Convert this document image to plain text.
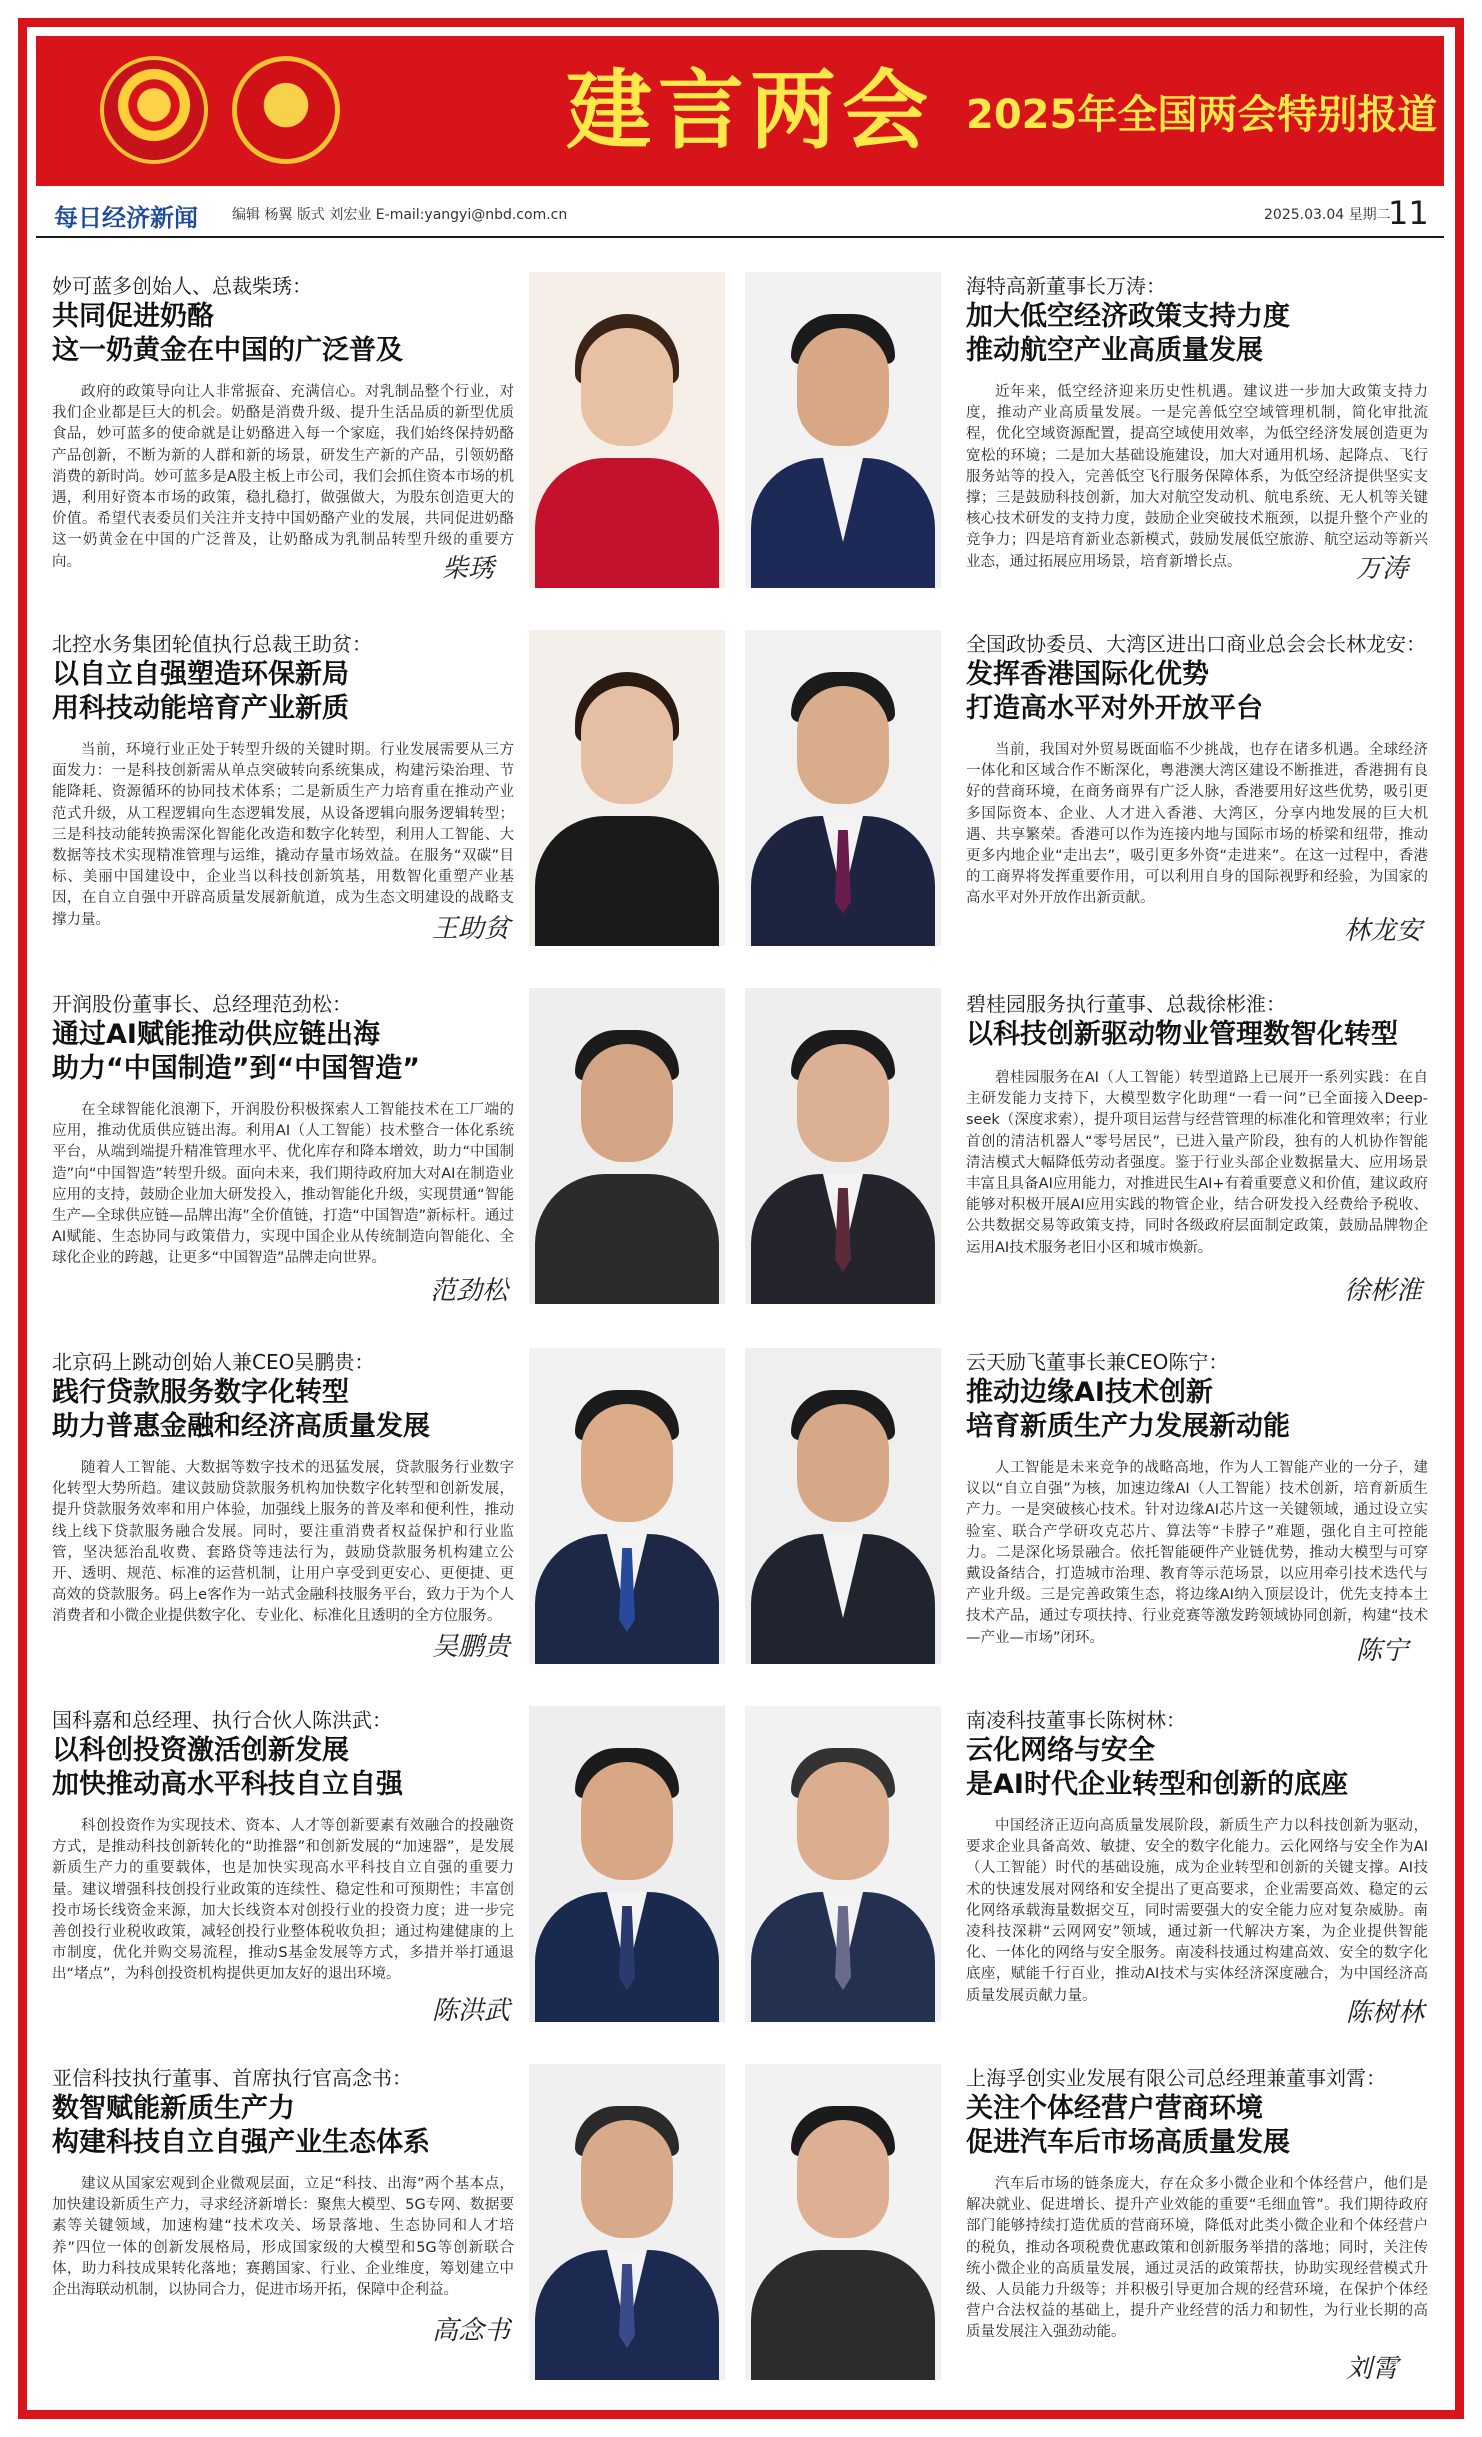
建言两会 2025年全国两会特别报道
每日经济新闻 编辑 杨翼 版式 刘宏业 E-mail:yangyi@nbd.com.cn	2025.03.04 星期二
11
妙可蓝多创始人、总裁柴琇：
共同促进奶酪
这一奶黄金在中国的广泛普及
政府的政策导向让人非常振奋、充满信心。对乳制品整个行业，对我们企业都是巨大的机会。奶酪是消费升级、提升生活品质的新型优质食品，妙可蓝多的使命就是让奶酪进入每一个家庭，我们始终保持奶酪产品创新，不断为新的人群和新的场景，研发生产新的产品，引领奶酪消费的新时尚。妙可蓝多是A股主板上市公司，我们会抓住资本市场的机遇，利用好资本市场的政策，稳扎稳打，做强做大，为股东创造更大的价值。希望代表委员们关注并支持中国奶酪产业的发展，共同促进奶酪这一奶黄金在中国的广泛普及，让奶酪成为乳制品转型升级的重要方向。	柴琇
海特高新董事长万涛：
加大低空经济政策支持力度
推动航空产业高质量发展
近年来，低空经济迎来历史性机遇。建议进一步加大政策支持力度，推动产业高质量发展。一是完善低空空域管理机制，简化审批流程，优化空域资源配置，提高空域使用效率，为低空经济发展创造更为宽松的环境；二是加大基础设施建设，加大对通用机场、起降点、飞行服务站等的投入，完善低空飞行服务保障体系，为低空经济提供坚实支撑；三是鼓励科技创新，加大对航空发动机、航电系统、无人机等关键核心技术研发的支持力度，鼓励企业突破技术瓶颈，以提升整个产业的竞争力；四是培育新业态新模式，鼓励发展低空旅游、航空运动等新兴业态，通过拓展应用场景，培育新增长点。	万涛
北控水务集团轮值执行总裁王助贫：
以自立自强塑造环保新局
用科技动能培育产业新质
当前，环境行业正处于转型升级的关键时期。行业发展需要从三方面发力：一是科技创新需从单点突破转向系统集成，构建污染治理、节能降耗、资源循环的协同技术体系；二是新质生产力培育重在推动产业范式升级，从工程逻辑向生态逻辑发展，从设备逻辑向服务逻辑转型；三是科技动能转换需深化智能化改造和数字化转型，利用人工智能、大数据等技术实现精准管理与运维，撬动存量市场效益。在服务“双碳”目标、美丽中国建设中，企业当以科技创新筑基，用数智化重塑产业基因，在自立自强中开辟高质量发展新航道，成为生态文明建设的战略支撑力量。	王助贫
全国政协委员、大湾区进出口商业总会会长林龙安：
发挥香港国际化优势
打造高水平对外开放平台
当前，我国对外贸易既面临不少挑战，也存在诸多机遇。全球经济一体化和区域合作不断深化，粤港澳大湾区建设不断推进，香港拥有良好的营商环境，在商务商界有广泛人脉，香港要用好这些优势，吸引更多国际资本、企业、人才进入香港、大湾区，分享内地发展的巨大机遇、共享繁荣。香港可以作为连接内地与国际市场的桥梁和纽带，推动更多内地企业“走出去”，吸引更多外资“走进来”。在这一过程中，香港的工商界将发挥重要作用，可以利用自身的国际视野和经验，为国家的高水平对外开放作出新贡献。
林龙安
开润股份董事长、总经理范劲松：
通过AI赋能推动供应链出海
助力“中国制造”到“中国智造”
在全球智能化浪潮下，开润股份积极探索人工智能技术在工厂端的应用，推动优质供应链出海。利用AI（人工智能）技术整合一体化系统平台，从端到端提升精准管理水平、优化库存和降本增效，助力“中国制造”向“中国智造”转型升级。面向未来，我们期待政府加大对AI在制造业应用的支持，鼓励企业加大研发投入，推动智能化升级，实现贯通“智能生产—全球供应链—品牌出海”全价值链，打造“中国智造”新标杆。通过AI赋能、生态协同与政策借力，实现中国企业从传统制造向智能化、全球化企业的跨越，让更多“中国智造”品牌走向世界。
范劲松
碧桂园服务执行董事、总裁徐彬淮：
以科技创新驱动物业管理数智化转型
碧桂园服务在AI（人工智能）转型道路上已展开一系列实践：在自主研发能力支持下，大模型数字化助理“一看一问”已全面接入Deep-seek（深度求索），提升项目运营与经营管理的标准化和管理效率；行业首创的清洁机器人“零号居民”，已进入量产阶段，独有的人机协作智能清洁模式大幅降低劳动者强度。鉴于行业头部企业数据量大、应用场景丰富且具备AI应用能力，对推进民生AI+有着重要意义和价值，建议政府能够对积极开展AI应用实践的物管企业，结合研发投入经费给予税收、公共数据交易等政策支持，同时各级政府层面制定政策，鼓励品牌物企运用AI技术服务老旧小区和城市焕新。
徐彬淮
北京码上跳动创始人兼CEO吴鹏贵：
践行贷款服务数字化转型
助力普惠金融和经济高质量发展
随着人工智能、大数据等数字技术的迅猛发展，贷款服务行业数字化转型大势所趋。建议鼓励贷款服务机构加快数字化转型和创新发展，提升贷款服务效率和用户体验，加强线上服务的普及率和便利性，推动线上线下贷款服务融合发展。同时，要注重消费者权益保护和行业监管，坚决惩治乱收费、套路贷等违法行为，鼓励贷款服务机构建立公开、透明、规范、标准的运营机制，让用户享受到更安心、更便捷、更高效的贷款服务。码上e客作为一站式金融科技服务平台，致力于为个人消费者和小微企业提供数字化、专业化、标准化且透明的全方位服务。
吴鹏贵
云天励飞董事长兼CEO陈宁：
推动边缘AI技术创新
培育新质生产力发展新动能
人工智能是未来竞争的战略高地，作为人工智能产业的一分子，建议以“自立自强”为核，加速边缘AI（人工智能）技术创新，培育新质生产力。一是突破核心技术。针对边缘AI芯片这一关键领域，通过设立实验室、联合产学研攻克芯片、算法等“卡脖子”难题，强化自主可控能力。二是深化场景融合。依托智能硬件产业链优势，推动大模型与可穿戴设备结合，打造城市治理、教育等示范场景，以应用牵引技术迭代与产业升级。三是完善政策生态，将边缘AI纳入顶层设计，优先支持本土技术产品，通过专项扶持、行业竞赛等激发跨领域协同创新，构建“技术—产业—市场”闭环。	陈宁
国科嘉和总经理、执行合伙人陈洪武：
以科创投资激活创新发展
加快推动高水平科技自立自强
科创投资作为实现技术、资本、人才等创新要素有效融合的投融资方式，是推动科技创新转化的“助推器”和创新发展的“加速器”，是发展新质生产力的重要载体，也是加快实现高水平科技自立自强的重要力量。建议增强科技创投行业政策的连续性、稳定性和可预期性；丰富创投市场长线资金来源，加大长线资本对创投行业的投资力度；进一步完善创投行业税收政策，减轻创投行业整体税收负担；通过构建健康的上市制度，优化并购交易流程，推动S基金发展等方式，多措并举打通退出“堵点”，为科创投资机构提供更加友好的退出环境。
陈洪武
南凌科技董事长陈树林：
云化网络与安全
是AI时代企业转型和创新的底座
中国经济正迈向高质量发展阶段，新质生产力以科技创新为驱动，要求企业具备高效、敏捷、安全的数字化能力。云化网络与安全作为AI（人工智能）时代的基础设施，成为企业转型和创新的关键支撑。AI技术的快速发展对网络和安全提出了更高要求，企业需要高效、稳定的云化网络承载海量数据交互，同时需要强大的安全能力应对复杂威胁。南凌科技深耕“云网网安”领域，通过新一代解决方案，为企业提供智能化、一体化的网络与安全服务。南凌科技通过构建高效、安全的数字化底座，赋能千行百业，推动AI技术与实体经济深度融合，为中国经济高质量发展贡献力量。
陈树林
亚信科技执行董事、首席执行官高念书：
数智赋能新质生产力
构建科技自立自强产业生态体系
建议从国家宏观到企业微观层面，立足“科技、出海”两个基本点，加快建设新质生产力，寻求经济新增长：聚焦大模型、5G专网、数据要素等关键领域，加速构建“技术攻关、场景落地、生态协同和人才培养”四位一体的创新发展格局，形成国家级的大模型和5G等创新联合体，助力科技成果转化落地；赛鹅国家、行业、企业维度，筹划建立中企出海联动机制，以协同合力，促进市场开拓，保障中企利益。
高念书
上海孚创实业发展有限公司总经理兼董事刘霄：
关注个体经营户营商环境
促进汽车后市场高质量发展
汽车后市场的链条庞大，存在众多小微企业和个体经营户，他们是解决就业、促进增长、提升产业效能的重要“毛细血管”。我们期待政府部门能够持续打造优质的营商环境，降低对此类小微企业和个体经营户的税负，推动各项税费优惠政策和创新服务举措的落地；同时，关注传统小微企业的高质量发展，通过灵活的政策帮扶，协助实现经营模式升级、人员能力升级等；并积极引导更加合规的经营环境，在保护个体经营户合法权益的基础上，提升产业经营的活力和韧性，为行业长期的高质量发展注入强劲动能。
刘霄
